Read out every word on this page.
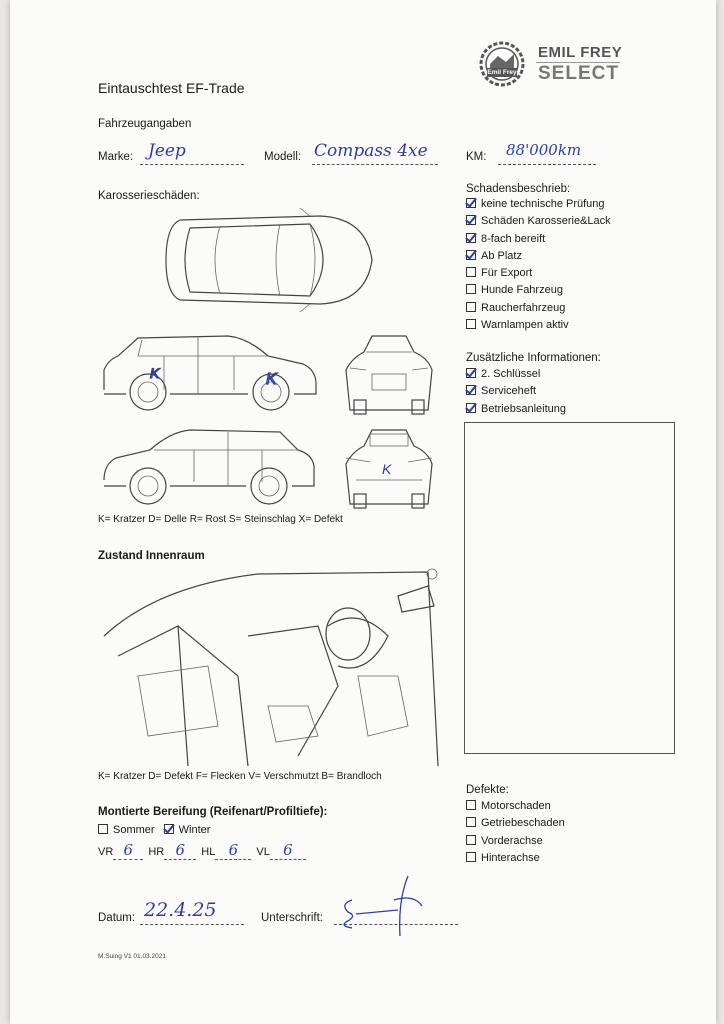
Emil Frey
EMIL FREY
SELECT
Eintauschtest EF-Trade
Fahrzeugangaben
Marke: Jeep	Modell: Compass 4xe	KM: 88'000km
Karosserieschäden:
K	K
K
K= Kratzer D= Delle R= Rost S= Steinschlag X= Defekt
Schadensbeschrieb:
keine technische Prüfung
Schäden Karosserie&Lack
8-fach bereift
Ab Platz
Für Export
Hunde Fahrzeug
Raucherfahrzeug
Warnlampen aktiv
Zusätzliche Informationen:
2. Schlüssel
Serviceheft
Betriebsanleitung
Zustand Innenraum
K= Kratzer D= Defekt F= Flecken V= Verschmutzt B= Brandloch
Montierte Bereifung (Reifenart/Profiltiefe):
Sommer Winter
VR 6 HR 6 HL 6 VL 6
Defekte:
Motorschaden
Getriebeschaden
Vorderachse
Hinterachse
Datum: 22.4.25	Unterschrift:
M.Suing V1 01.03.2021
